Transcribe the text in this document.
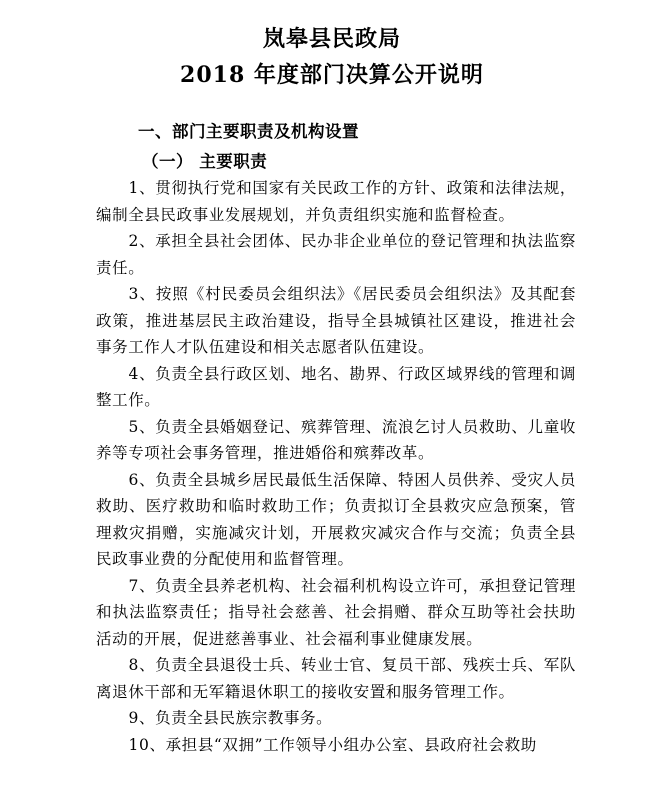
岚皋县民政局
2018 年度部门决算公开说明
一、部门主要职责及机构设置
（一） 主要职责

1、贯彻执行党和国家有关民政工作的方针、政策和法律法规，编制全县民政事业发展规划，并负责组织实施和监督检查。

2、承担全县社会团体、民办非企业单位的登记管理和执法监察责任。

3、按照《村民委员会组织法》《居民委员会组织法》及其配套政策，推进基层民主政治建设，指导全县城镇社区建设，推进社会事务工作人才队伍建设和相关志愿者队伍建设。

4、负责全县行政区划、地名、勘界、行政区域界线的管理和调整工作。

5、负责全县婚姻登记、殡葬管理、流浪乞讨人员救助、儿童收养等专项社会事务管理，推进婚俗和殡葬改革。

6、负责全县城乡居民最低生活保障、特困人员供养、受灾人员救助、医疗救助和临时救助工作；负责拟订全县救灾应急预案，管理救灾捐赠，实施减灾计划，开展救灾减灾合作与交流；负责全县民政事业费的分配使用和监督管理。

7、负责全县养老机构、社会福利机构设立许可，承担登记管理和执法监察责任；指导社会慈善、社会捐赠、群众互助等社会扶助活动的开展，促进慈善事业、社会福利事业健康发展。

8、负责全县退役士兵、转业士官、复员干部、残疾士兵、军队离退休干部和无军籍退休职工的接收安置和服务管理工作。

9、负责全县民族宗教事务。

10、承担县“双拥”工作领导小组办公室、县政府社会救助
